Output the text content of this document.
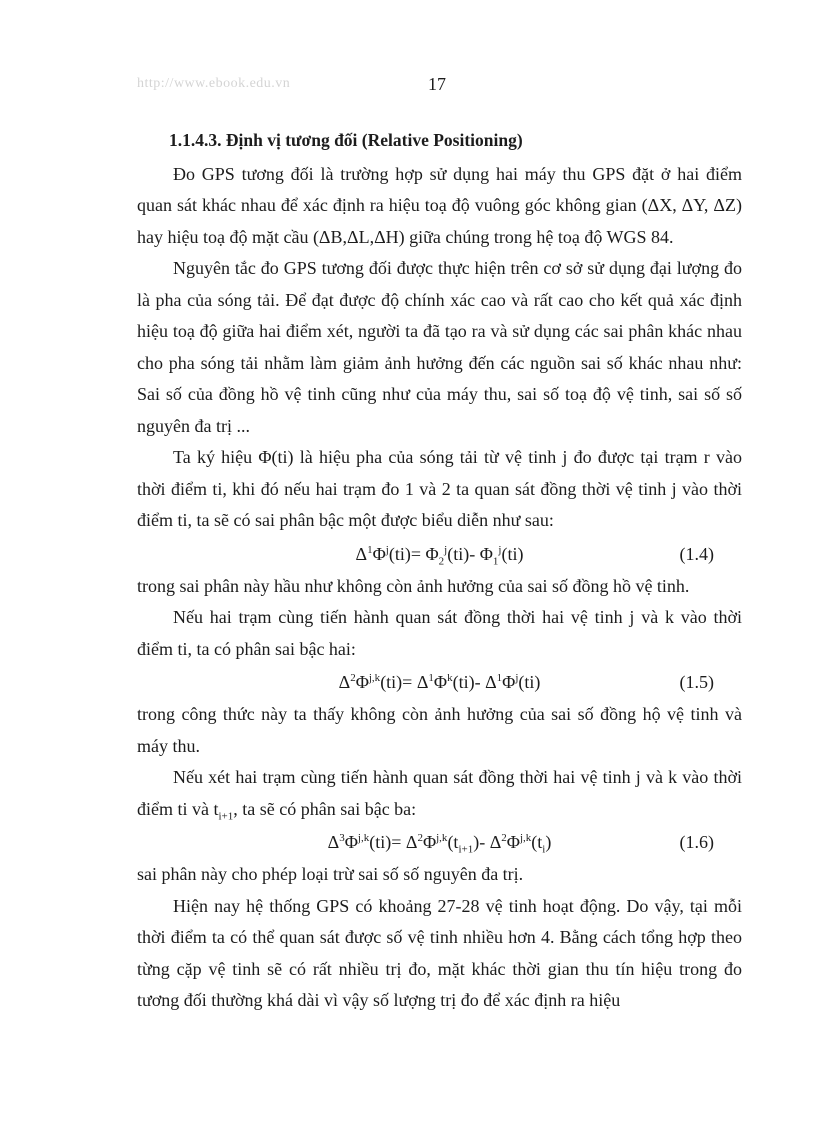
http://www.ebook.edu.vn	17
1.1.4.3. Định vị tương đối (Relative Positioning)

Đo GPS tương đối là trường hợp sử dụng hai máy thu GPS đặt ở hai điểm quan sát khác nhau để xác định ra hiệu toạ độ vuông góc không gian (ΔX, ΔY, ΔZ) hay hiệu toạ độ mặt cầu (ΔB,ΔL,ΔH) giữa chúng trong hệ toạ độ WGS 84.

Nguyên tắc đo GPS tương đối được thực hiện trên cơ sở sử dụng đại lượng đo là pha của sóng tải. Để đạt được độ chính xác cao và rất cao cho kết quả xác định hiệu toạ độ giữa hai điểm xét, người ta đã tạo ra và sử dụng các sai phân khác nhau cho pha sóng tải nhằm làm giảm ảnh hưởng đến các nguồn sai số khác nhau như: Sai số của đồng hồ vệ tinh cũng như của máy thu, sai số toạ độ vệ tinh, sai số số nguyên đa trị ...

Ta ký hiệu Φ(ti) là hiệu pha của sóng tải từ vệ tinh j đo được tại trạm r vào thời điểm ti, khi đó nếu hai trạm đo 1 và 2 ta quan sát đồng thời vệ tinh j vào thời điểm ti, ta sẽ có sai phân bậc một được biểu diễn như sau:

$\Delta^1\Phi^j(ti)= \Phi_2^j(ti)-$ $\Phi_1^j(ti)$	(1.4)

trong sai phân này hầu như không còn ảnh hưởng của sai số đồng hồ vệ tinh.

Nếu hai trạm cùng tiến hành quan sát đồng thời hai vệ tinh j và k vào thời điểm ti, ta có phân sai bậc hai:

$\Delta^2\Phi^{j,k}(ti)= \Delta^1\Phi^k(ti)-$ $\Delta^1\Phi^j(ti)$	(1.5)

trong công thức này ta thấy không còn ảnh hưởng của sai số đồng hộ vệ tinh và máy thu.

Nếu xét hai trạm cùng tiến hành quan sát đồng thời hai vệ tinh j và k vào thời điểm ti và $t_{i+1}$, ta sẽ có phân sai bậc ba:

$\Delta^3\Phi^{j,k}(ti)= \Delta^2\Phi^{j,k}(t_{i+1})-$ $\Delta^2\Phi^{j,k}(t_i)$	(1.6)

sai phân này cho phép loại trừ sai số số nguyên đa trị.

Hiện nay hệ thống GPS có khoảng 27-28 vệ tinh hoạt động. Do vậy, tại mỗi thời điểm ta có thể quan sát được số vệ tinh nhiều hơn 4. Bằng cách tổng hợp theo từng cặp vệ tinh sẽ có rất nhiều trị đo, mặt khác thời gian thu tín hiệu trong đo tương đối thường khá dài vì vậy số lượng trị đo để xác định ra hiệu
